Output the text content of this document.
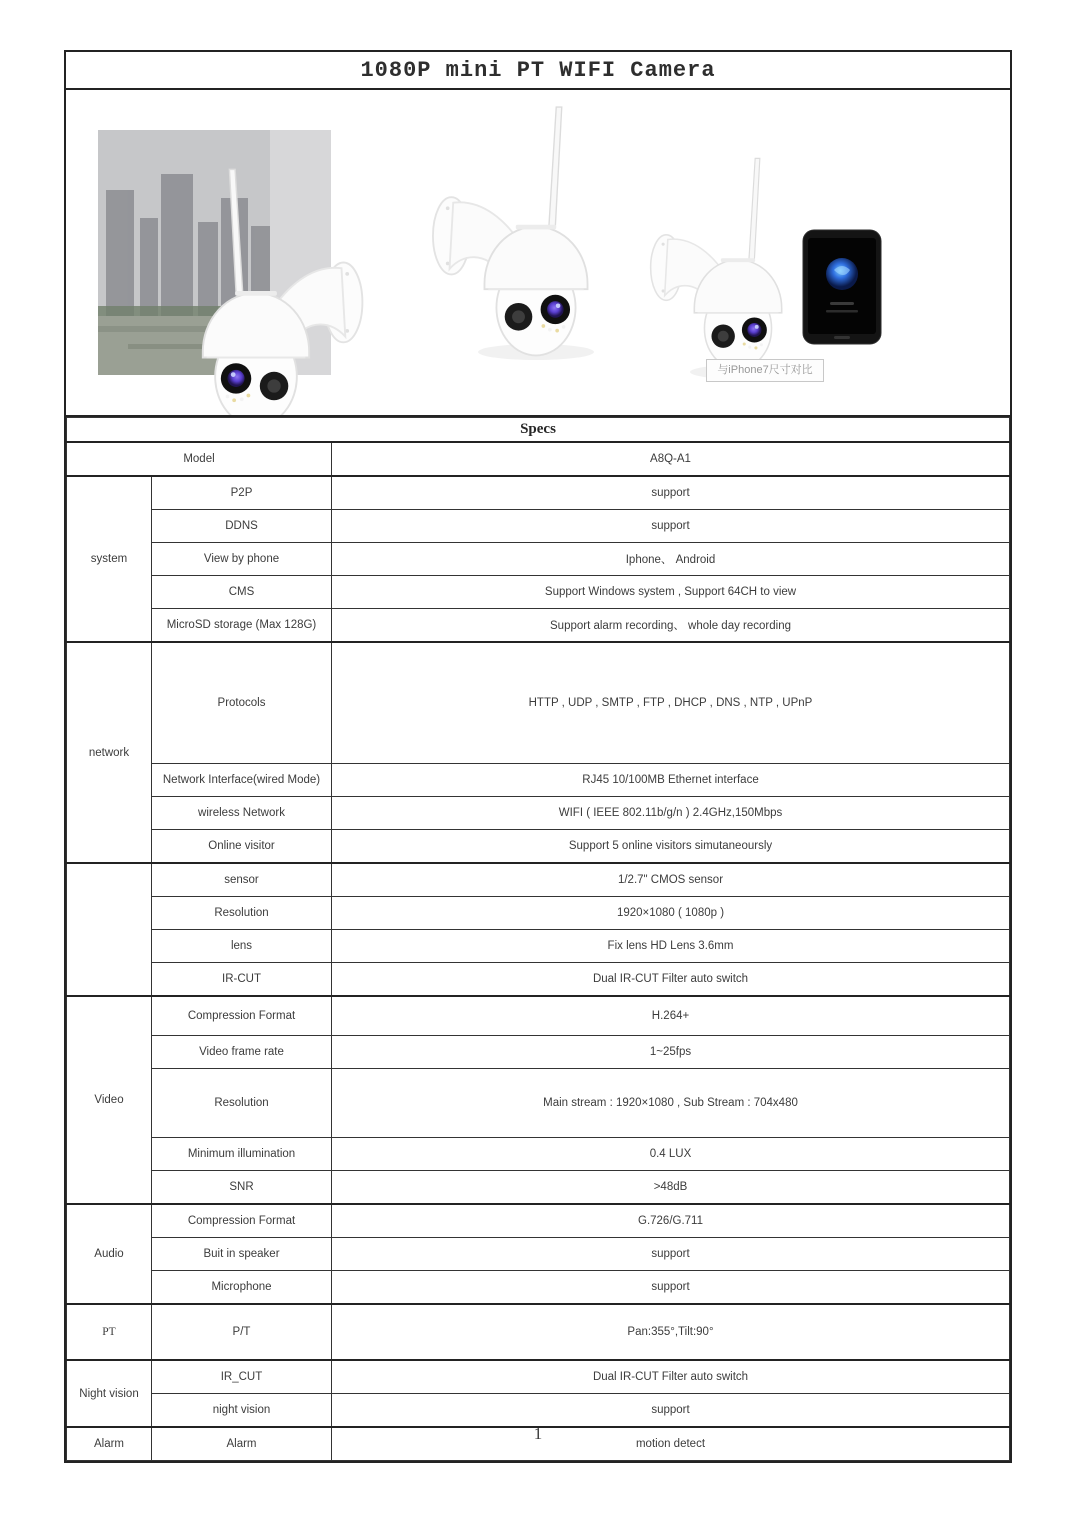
1080P mini PT WIFI Camera
与iPhone7尺寸对比
Specs		
Model		A8Q-A1
system	P2P	support
	DDNS	support
	View by phone	Iphone、 Android
	CMS	Support Windows system , Support 64CH to view
	MicroSD storage (Max 128G)	Support alarm recording、 whole day recording
network	Protocols	HTTP , UDP , SMTP , FTP , DHCP , DNS , NTP , UPnP
	Network Interface(wired Mode)	RJ45 10/100MB Ethernet interface
	wireless Network	WIFI ( IEEE 802.11b/g/n ) 2.4GHz,150Mbps
	Online visitor	Support 5 online visitors simutaneoursly
	sensor	1/2.7" CMOS sensor
	Resolution	1920×1080 ( 1080p )
	lens	Fix lens HD Lens 3.6mm
	IR-CUT	Dual IR-CUT Filter auto switch
Video	Compression Format	H.264+
	Video frame rate	1~25fps
	Resolution	Main stream : 1920×1080 , Sub Stream : 704x480
	Minimum illumination	0.4 LUX
	SNR	>48dB
Audio	Compression Format	G.726/G.711
	Buit in speaker	support
	Microphone	support
PT	P/T	Pan:355°,Tilt:90°
Night vision	IR_CUT	Dual IR-CUT Filter auto switch
	night vision	support
Alarm	Alarm	motion detect
1
